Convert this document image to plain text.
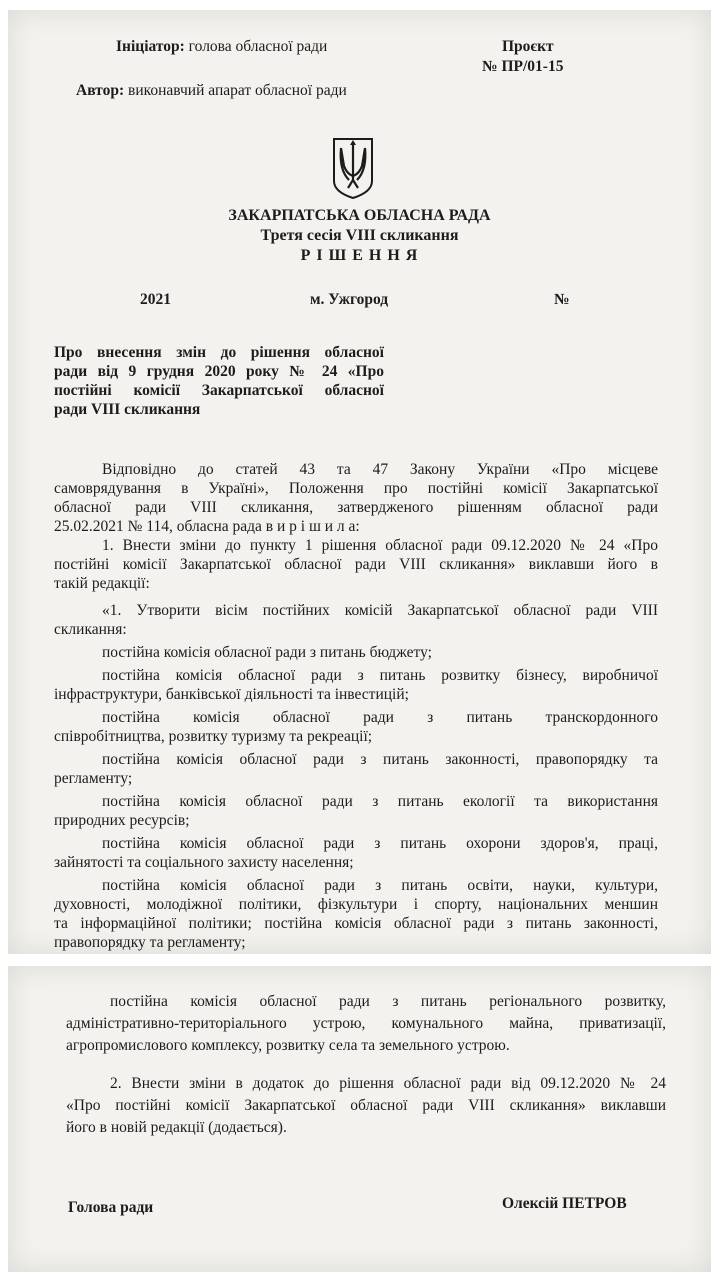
Ініціатор: голова обласної ради
Автор: виконавчий апарат обласної ради
Проєкт
№ ПР/01-15
ЗАКАРПАТСЬКА ОБЛАСНА РАДА
Третя сесія VIII скликання
Р І Ш Е Н Н Я
2021	м. Ужгород	№
Про внесення змін до рішення обласної
ради від 9 грудня 2020 року № 24 «Про
постійні комісії Закарпатської обласної
ради VIII скликання
Відповідно до статей 43 та 47 Закону України «Про місцеве
самоврядування в Україні», Положення про постійні комісії Закарпатської
обласної ради VIII скликання, затвердженого рішенням обласної ради
25.02.2021 № 114, обласна рада в и р і ш и л а:
1. Внести зміни до пункту 1 рішення обласної ради 09.12.2020 № 24 «Про
постійні комісії Закарпатської обласної ради VIII скликання» виклавши його в
такій редакції:
«1. Утворити вісім постійних комісій Закарпатської обласної ради VIII
скликання:
постійна комісія обласної ради з питань бюджету;
постійна комісія обласної ради з питань розвитку бізнесу, виробничої
інфраструктури, банківської діяльності та інвестицій;
постійна комісія обласної ради з питань транскордонного
співробітництва, розвитку туризму та рекреації;
постійна комісія обласної ради з питань законності, правопорядку та
регламенту;
постійна комісія обласної ради з питань екології та використання
природних ресурсів;
постійна комісія обласної ради з питань охорони здоров'я, праці,
зайнятості та соціального захисту населення;
постійна комісія обласної ради з питань освіти, науки, культури,
духовності, молодіжної політики, фізкультури і спорту, національних меншин
та інформаційної політики; постійна комісія обласної ради з питань законності,
правопорядку та регламенту;
постійна комісія обласної ради з питань регіонального розвитку,
адміністративно-територіального устрою, комунального майна, приватизації,
агропромислового комплексу, розвитку села та земельного устрою.
2. Внести зміни в додаток до рішення обласної ради від 09.12.2020 № 24
«Про постійні комісії Закарпатської обласної ради VIII скликання» виклавши
його в новій редакції (додається).
Голова ради	Олексій ПЕТРОВ
